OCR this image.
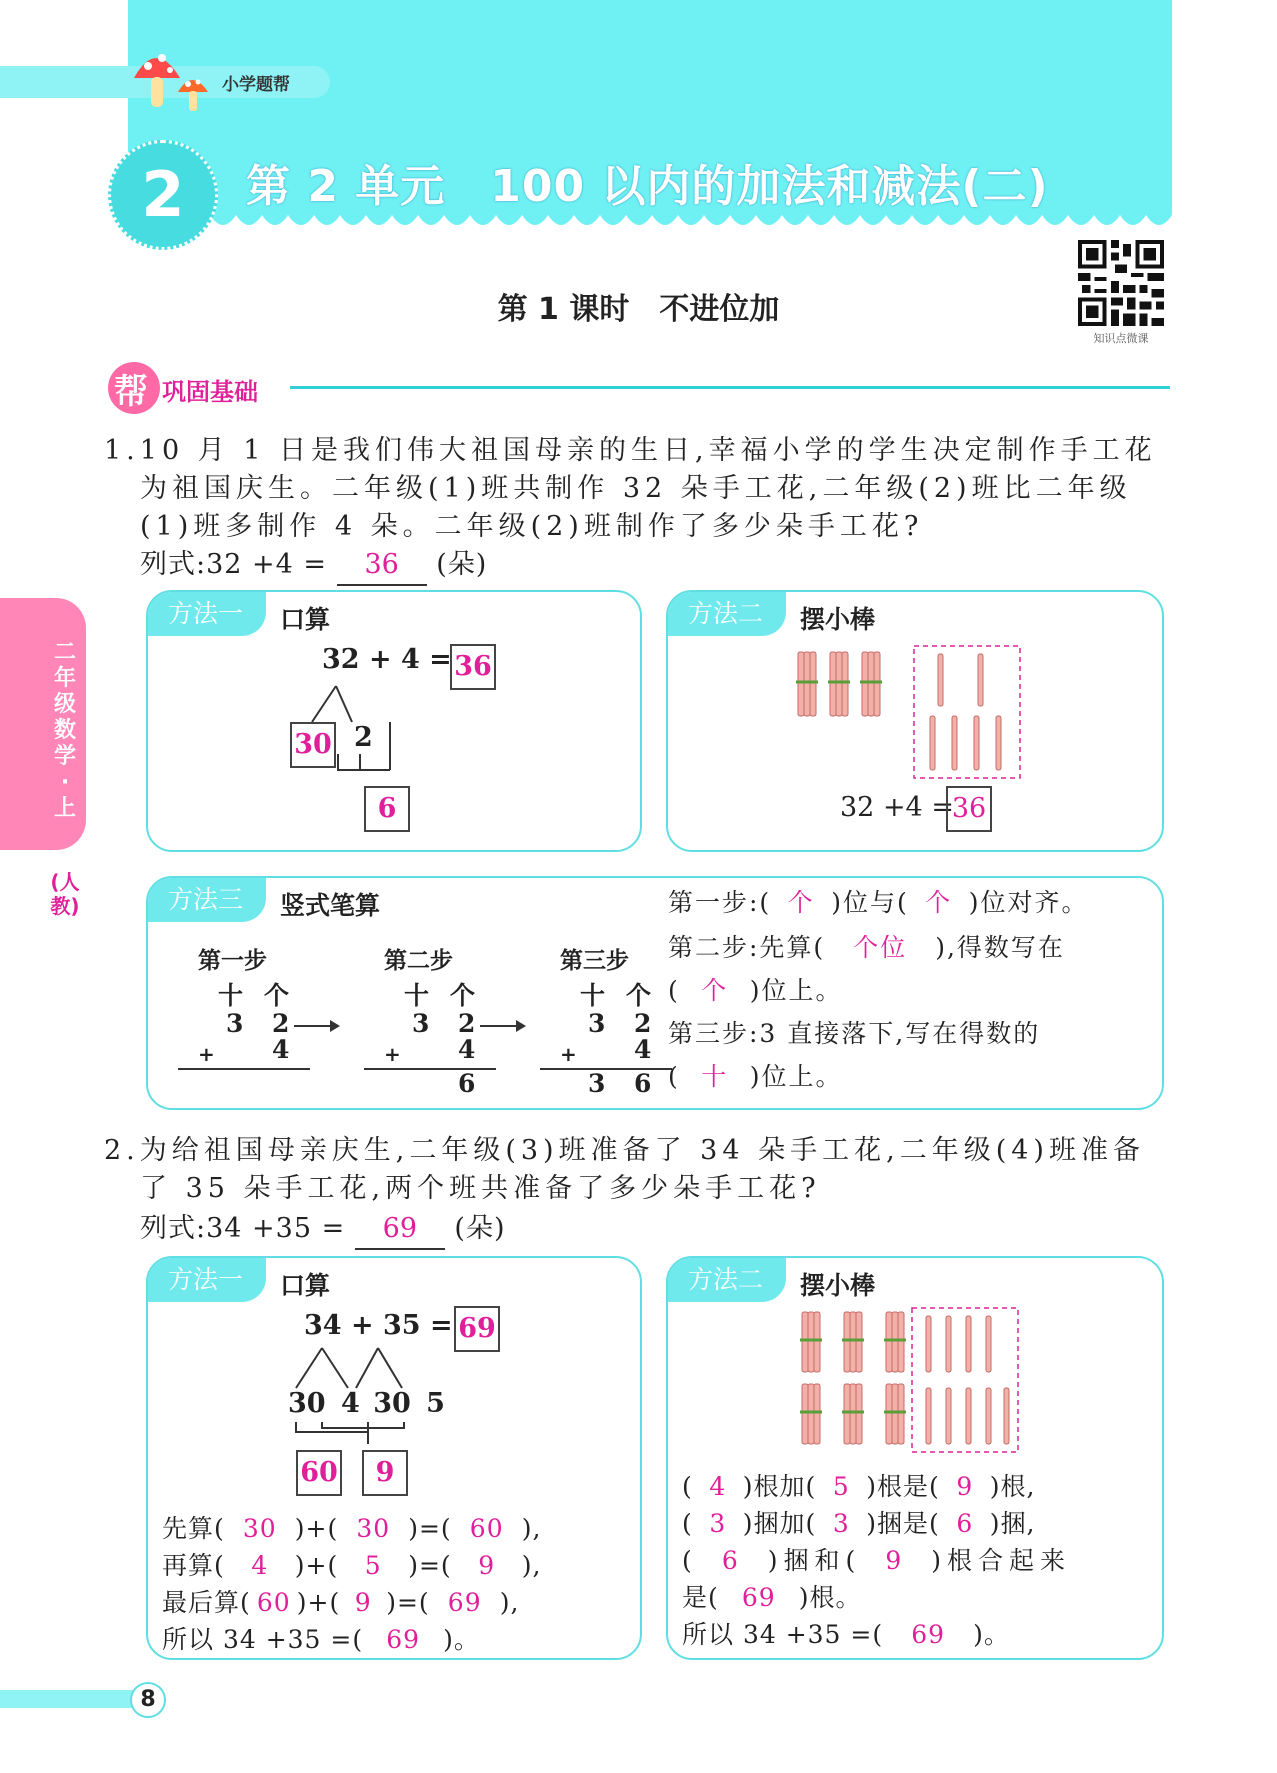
小学题帮
2	第 2 单元　100 以内的加法和减法(二)
第 1 课时　不进位加
知识点微课
帮 巩固基础
二年级数学·上
(人教)
1.10 月 1 日是我们伟大祖国母亲的生日,幸福小学的学生决定制作手工花
为祖国庆生。二年级(1)班共制作 32 朵手工花,二年级(2)班比二年级
(1)班多制作 4 朵。二年级(2)班制作了多少朵手工花?
列式:32 +4 = 36 (朵)
方法一	口算
32 + 4 = 36
30 2
6
方法二	摆小棒
32 +4 =
36
方法三	竖式笔算
第一步
十 个
3 2
+ 4
第二步
十 个
3 2
+ 4
6
第三步
十 个
3 2
+ 4
3 6
第一步:( 个 )位与( 个 )位对齐。
第二步:先算( 个位 ),得数写在
( 个 )位上。
第三步:3 直接落下,写在得数的
( 十 )位上。
2.为给祖国母亲庆生,二年级(3)班准备了 34 朵手工花,二年级(4)班准备
了 35 朵手工花,两个班共准备了多少朵手工花?
列式:34 +35 = 69 (朵)
方法一	口算
34 + 35 = 69
30 4 30 5
60	9
先算( 30 )+( 30 )=( 60 ),
再算( 4 )+( 5 )=( 9 ),
最后算( 60 )+( 9 )=( 69 ),
所以 34 +35 =( 69 )。
方法二	摆小棒
( 4 )根加( 5 )根是( 9 )根,
( 3 )捆加( 3 )捆是( 6 )捆,
( 6 )捆和( 9 )根合起来
是( 69 )根。
所以 34 +35 =( 69 )。
8
